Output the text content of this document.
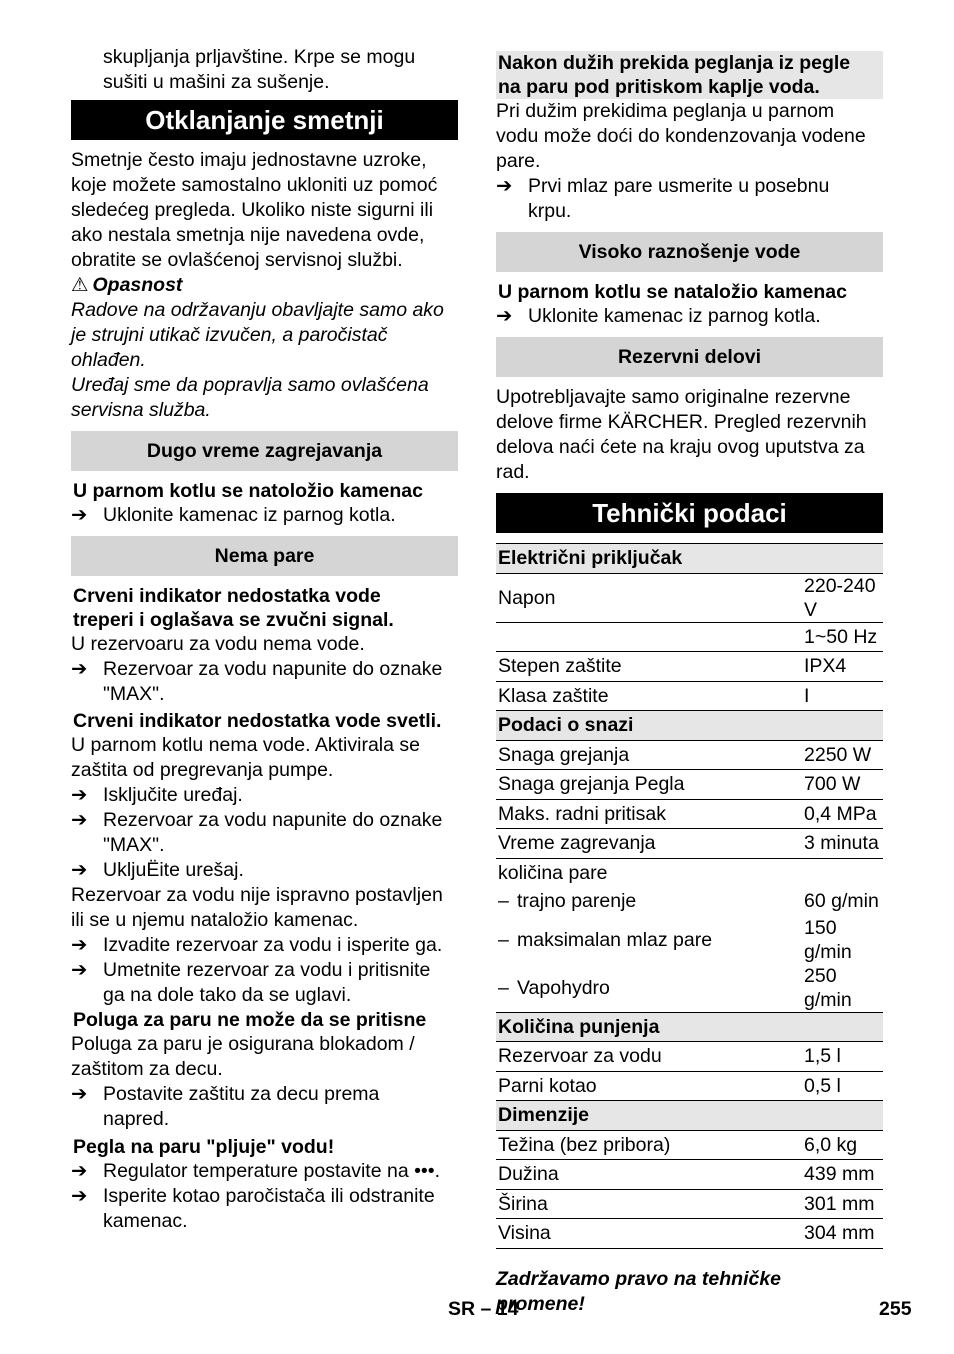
skupljanja prljavštine. Krpe se mogu
sušiti u mašini za sušenje.
Otklanjanje smetnji
Smetnje često imaju jednostavne uzroke,
koje možete samostalno ukloniti uz pomoć
sledećeg pregleda. Ukoliko niste sigurni ili
ako nestala smetnja nije navedena ovde,
obratite se ovlašćenoj servisnoj službi.
⚠ Opasnost
Radove na održavanju obavljajte samo ako
je strujni utikač izvučen, a paročistač
ohlađen.
Uređaj sme da popravlja samo ovlašćena
servisna služba.
Dugo vreme zagrejavanja
U parnom kotlu se natoložio kamenac
➔ Uklonite kamenac iz parnog kotla.
Nema pare
Crveni indikator nedostatka vode
treperi i oglašava se zvučni signal.
U rezervoaru za vodu nema vode.
➔ Rezervoar za vodu napunite do oznake
"MAX".
Crveni indikator nedostatka vode svetli.
U parnom kotlu nema vode. Aktivirala se
zaštita od pregrevanja pumpe.
➔ Isključite uređaj.
➔ Rezervoar za vodu napunite do oznake
"MAX".
➔ UkljuËite urešaj.
Rezervoar za vodu nije ispravno postavljen
ili se u njemu nataložio kamenac.
➔ Izvadite rezervoar za vodu i isperite ga.
➔ Umetnite rezervoar za vodu i pritisnite
ga na dole tako da se uglavi.
Poluga za paru ne može da se pritisne
Poluga za paru je osigurana blokadom /
zaštitom za decu.
➔ Postavite zaštitu za decu prema
napred.
Pegla na paru "pljuje" vodu!
➔ Regulator temperature postavite na •••.
➔ Isperite kotao paročistača ili odstranite
kamenac.
Nakon dužih prekida peglanja iz pegle
na paru pod pritiskom kaplje voda.
Pri dužim prekidima peglanja u parnom
vodu može doći do kondenzovanja vodene
pare.
➔ Prvi mlaz pare usmerite u posebnu
krpu.
Visoko raznošenje vode
U parnom kotlu se nataložio kamenac
➔ Uklonite kamenac iz parnog kotla.
Rezervni delovi
Upotrebljavajte samo originalne rezervne
delove firme KÄRCHER. Pregled rezervnih
delova naći ćete na kraju ovog uputstva za
rad.
Tehnički podaci
Električni priključak	
Napon	220-240 V
	1~50 Hz
Stepen zaštite	IPX4
Klasa zaštite	I
Podaci o snazi	
Snaga grejanja	2250 W
Snaga grejanja Pegla	700 W
Maks. radni pritisak	0,4 MPa
Vreme zagrevanja	3 minuta
količina pare	
– trajno parenje	60 g/min
– maksimalan mlaz pare	150 g/min
– Vapohydro	250 g/min
Količina punjenja	
Rezervoar za vodu	1,5 l
Parni kotao	0,5 l
Dimenzije	
Težina (bez pribora)	6,0 kg
Dužina	439 mm
Širina	301 mm
Visina	304 mm
Zadržavamo pravo na tehničke
promene!
SR – 14	255
